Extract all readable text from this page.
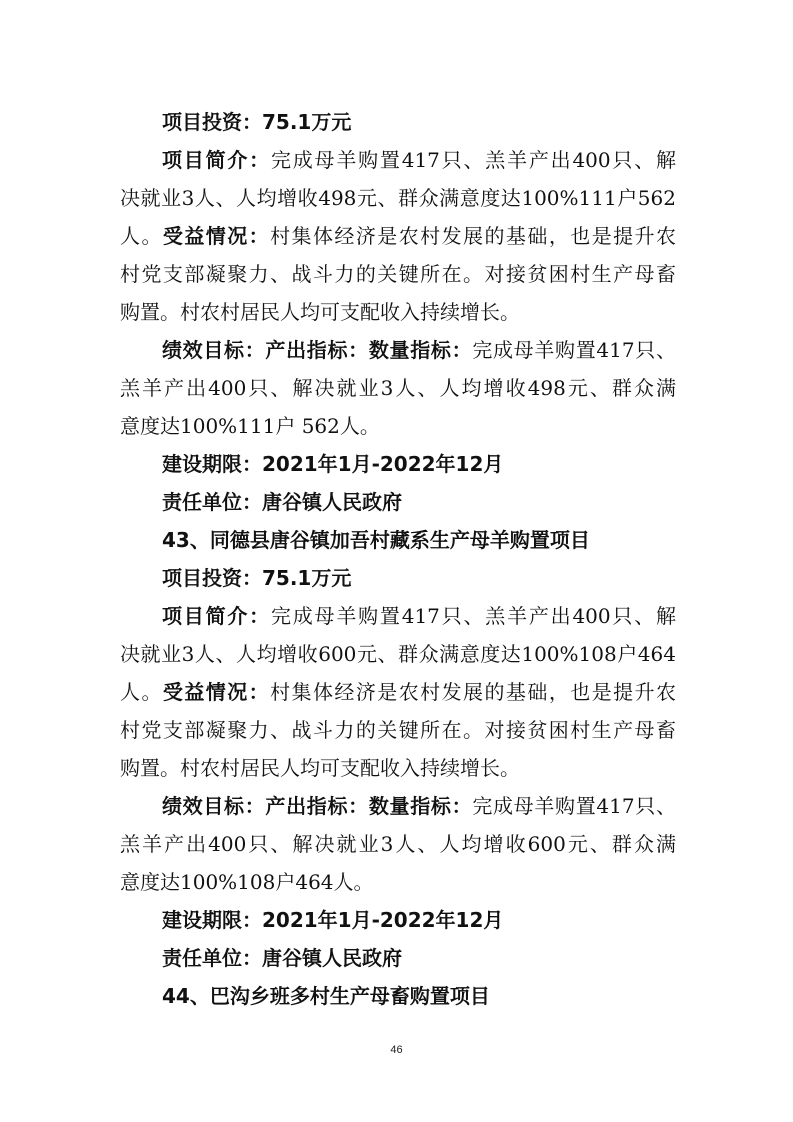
项目投资：75.1万元
项目简介：完成母羊购置417只、羔羊产出400只、解
决就业3人、人均增收498元、群众满意度达100%111户562
人。受益情况：村集体经济是农村发展的基础，也是提升农
村党支部凝聚力、战斗力的关键所在。对接贫困村生产母畜
购置。村农村居民人均可支配收入持续增长。
绩效目标：产出指标：数量指标：完成母羊购置417只、
羔羊产出400只、解决就业3人、人均增收498元、群众满
意度达100%111户 562人。
建设期限：2021年1月-2022年12月
责任单位：唐谷镇人民政府
43、同德县唐谷镇加吾村藏系生产母羊购置项目
项目投资：75.1万元
项目简介：完成母羊购置417只、羔羊产出400只、解
决就业3人、人均增收600元、群众满意度达100%108户464
人。受益情况：村集体经济是农村发展的基础，也是提升农
村党支部凝聚力、战斗力的关键所在。对接贫困村生产母畜
购置。村农村居民人均可支配收入持续增长。
绩效目标：产出指标：数量指标：完成母羊购置417只、
羔羊产出400只、解决就业3人、人均增收600元、群众满
意度达100%108户464人。
建设期限：2021年1月-2022年12月
责任单位：唐谷镇人民政府
44、巴沟乡班多村生产母畜购置项目
46
